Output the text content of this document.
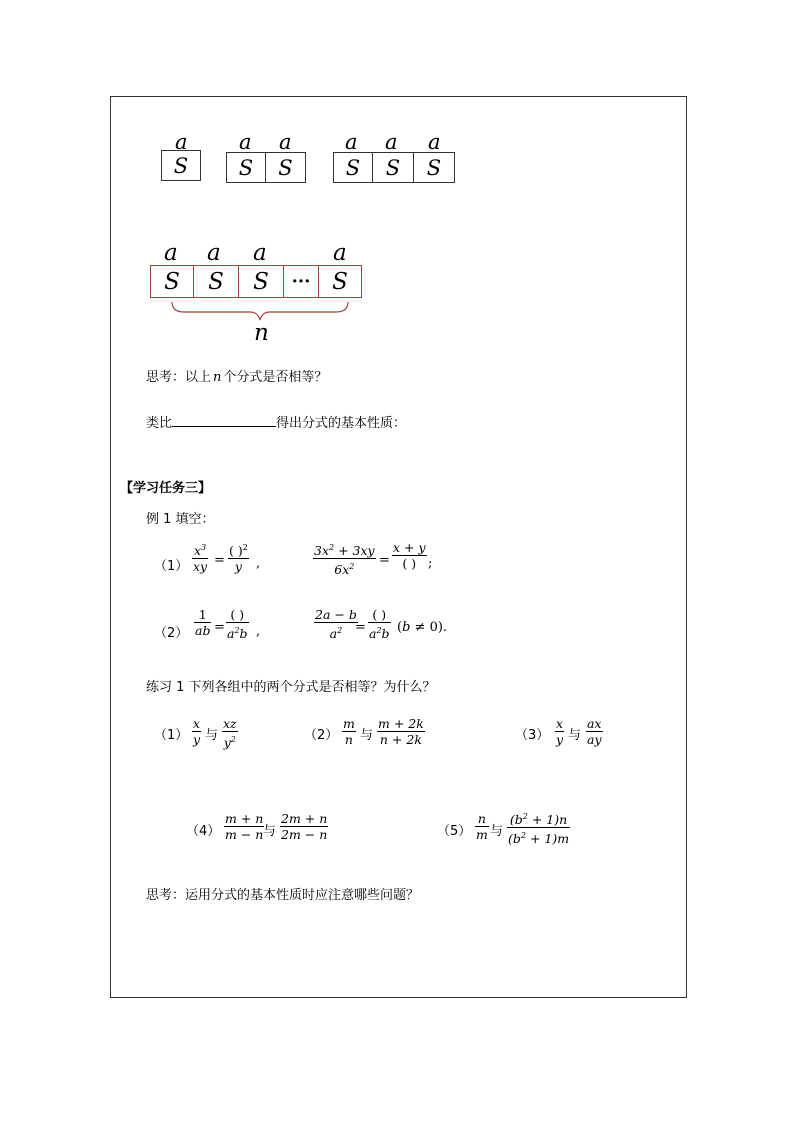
a
S
a a
S	S
a a a
S	S	S
a a a	a
S	S	S	··· S
n
思考：以上 n 个分式是否相等？
类比	得出分式的基本性质：
【学习任务三】
例 1 填空：
（1）
$x^3$
xy =
( )$^2$
y ,
$3x^2 + 3xy$
$6x^2$ =
x + y
( ) ;
（2）
1
ab =
( )
$a^2b$ ,
2a − b
$a^2$ =
( )
$a^2b$ (b ≠ 0).
练习 1 下列各组中的两个分式是否相等？为什么？
（1）
x
y 与
xz
$y^2$	（2）
m
n 与
m + 2k
n + 2k	（3）
x
y 与
ax
ay
（4）
m + n
m − n 与
2m + n
2m − n	（5）
n
m 与
$(b^2 + 1)n$
$(b^2 + 1)m$
思考：运用分式的基本性质时应注意哪些问题？
